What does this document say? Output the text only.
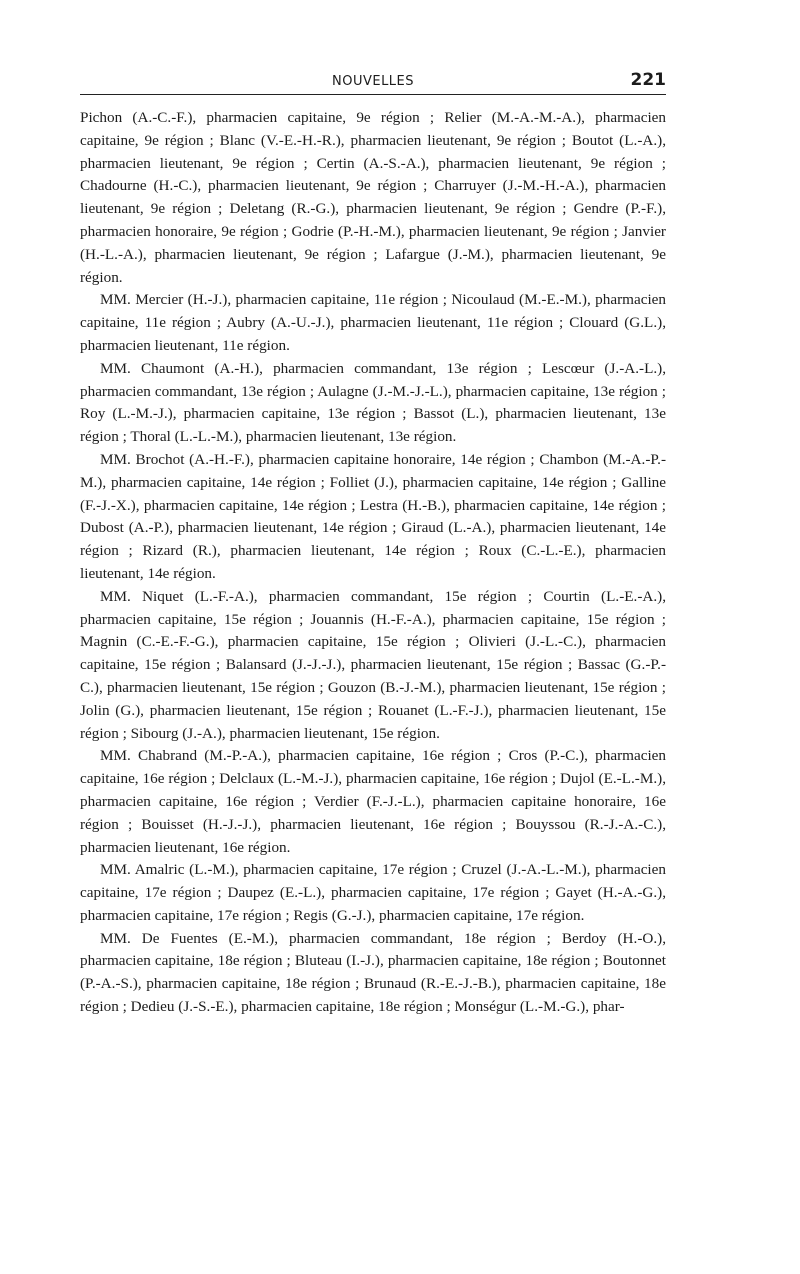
NOUVELLES	221

Pichon (A.-C.-F.), pharmacien capitaine, 9e région ; Relier (M.-A.-M.-A.), pharmacien capitaine, 9e région ; Blanc (V.-E.-H.-R.), pharmacien lieutenant, 9e région ; Boutot (L.-A.), pharmacien lieutenant, 9e région ; Certin (A.-S.-A.), pharmacien lieutenant, 9e région ; Chadourne (H.-C.), pharmacien lieutenant, 9e région ; Charruyer (J.-M.-H.-A.), pharmacien lieutenant, 9e région ; Deletang (R.-G.), pharmacien lieutenant, 9e région ; Gendre (P.-F.), pharmacien honoraire, 9e région ; Godrie (P.-H.-M.), pharmacien lieutenant, 9e région ; Janvier (H.-L.-A.), pharmacien lieutenant, 9e région ; Lafargue (J.-M.), pharmacien lieutenant, 9e région.

MM. Mercier (H.-J.), pharmacien capitaine, 11e région ; Nicoulaud (M.-E.-M.), pharmacien capitaine, 11e région ; Aubry (A.-U.-J.), pharmacien lieutenant, 11e région ; Clouard (G.L.), pharmacien lieutenant, 11e région.

MM. Chaumont (A.-H.), pharmacien commandant, 13e région ; Lescœur (J.-A.-L.), pharmacien commandant, 13e région ; Aulagne (J.-M.-J.-L.), pharmacien capitaine, 13e région ; Roy (L.-M.-J.), pharmacien capitaine, 13e région ; Bassot (L.), pharmacien lieutenant, 13e région ; Thoral (L.-L.-M.), pharmacien lieutenant, 13e région.

MM. Brochot (A.-H.-F.), pharmacien capitaine honoraire, 14e région ; Chambon (M.-A.-P.-M.), pharmacien capitaine, 14e région ; Folliet (J.), pharmacien capitaine, 14e région ; Galline (F.-J.-X.), pharmacien capitaine, 14e région ; Lestra (H.-B.), pharmacien capitaine, 14e région ; Dubost (A.-P.), pharmacien lieutenant, 14e région ; Giraud (L.-A.), pharmacien lieutenant, 14e région ; Rizard (R.), pharmacien lieutenant, 14e région ; Roux (C.-L.-E.), pharmacien lieutenant, 14e région.

MM. Niquet (L.-F.-A.), pharmacien commandant, 15e région ; Courtin (L.-E.-A.), pharmacien capitaine, 15e région ; Jouannis (H.-F.-A.), pharmacien capitaine, 15e région ; Magnin (C.-E.-F.-G.), pharmacien capitaine, 15e région ; Olivieri (J.-L.-C.), pharmacien capitaine, 15e région ; Balansard (J.-J.-J.), pharmacien lieutenant, 15e région ; Bassac (G.-P.-C.), pharmacien lieutenant, 15e région ; Gouzon (B.-J.-M.), pharmacien lieutenant, 15e région ; Jolin (G.), pharmacien lieutenant, 15e région ; Rouanet (L.-F.-J.), pharmacien lieutenant, 15e région ; Sibourg (J.-A.), pharmacien lieutenant, 15e région.

MM. Chabrand (M.-P.-A.), pharmacien capitaine, 16e région ; Cros (P.-C.), pharmacien capitaine, 16e région ; Delclaux (L.-M.-J.), pharmacien capitaine, 16e région ; Dujol (E.-L.-M.), pharmacien capitaine, 16e région ; Verdier (F.-J.-L.), pharmacien capitaine honoraire, 16e région ; Bouisset (H.-J.-J.), pharmacien lieutenant, 16e région ; Bouyssou (R.-J.-A.-C.), pharmacien lieutenant, 16e région.

MM. Amalric (L.-M.), pharmacien capitaine, 17e région ; Cruzel (J.-A.-L.-M.), pharmacien capitaine, 17e région ; Daupez (E.-L.), pharmacien capitaine, 17e région ; Gayet (H.-A.-G.), pharmacien capitaine, 17e région ; Regis (G.-J.), pharmacien capitaine, 17e région.

MM. De Fuentes (E.-M.), pharmacien commandant, 18e région ; Berdoy (H.-O.), pharmacien capitaine, 18e région ; Bluteau (I.-J.), pharmacien capitaine, 18e région ; Boutonnet (P.-A.-S.), pharmacien capitaine, 18e région ; Brunaud (R.-E.-J.-B.), pharmacien capitaine, 18e région ; Dedieu (J.-S.-E.), pharmacien capitaine, 18e région ; Monségur (L.-M.-G.), phar-
